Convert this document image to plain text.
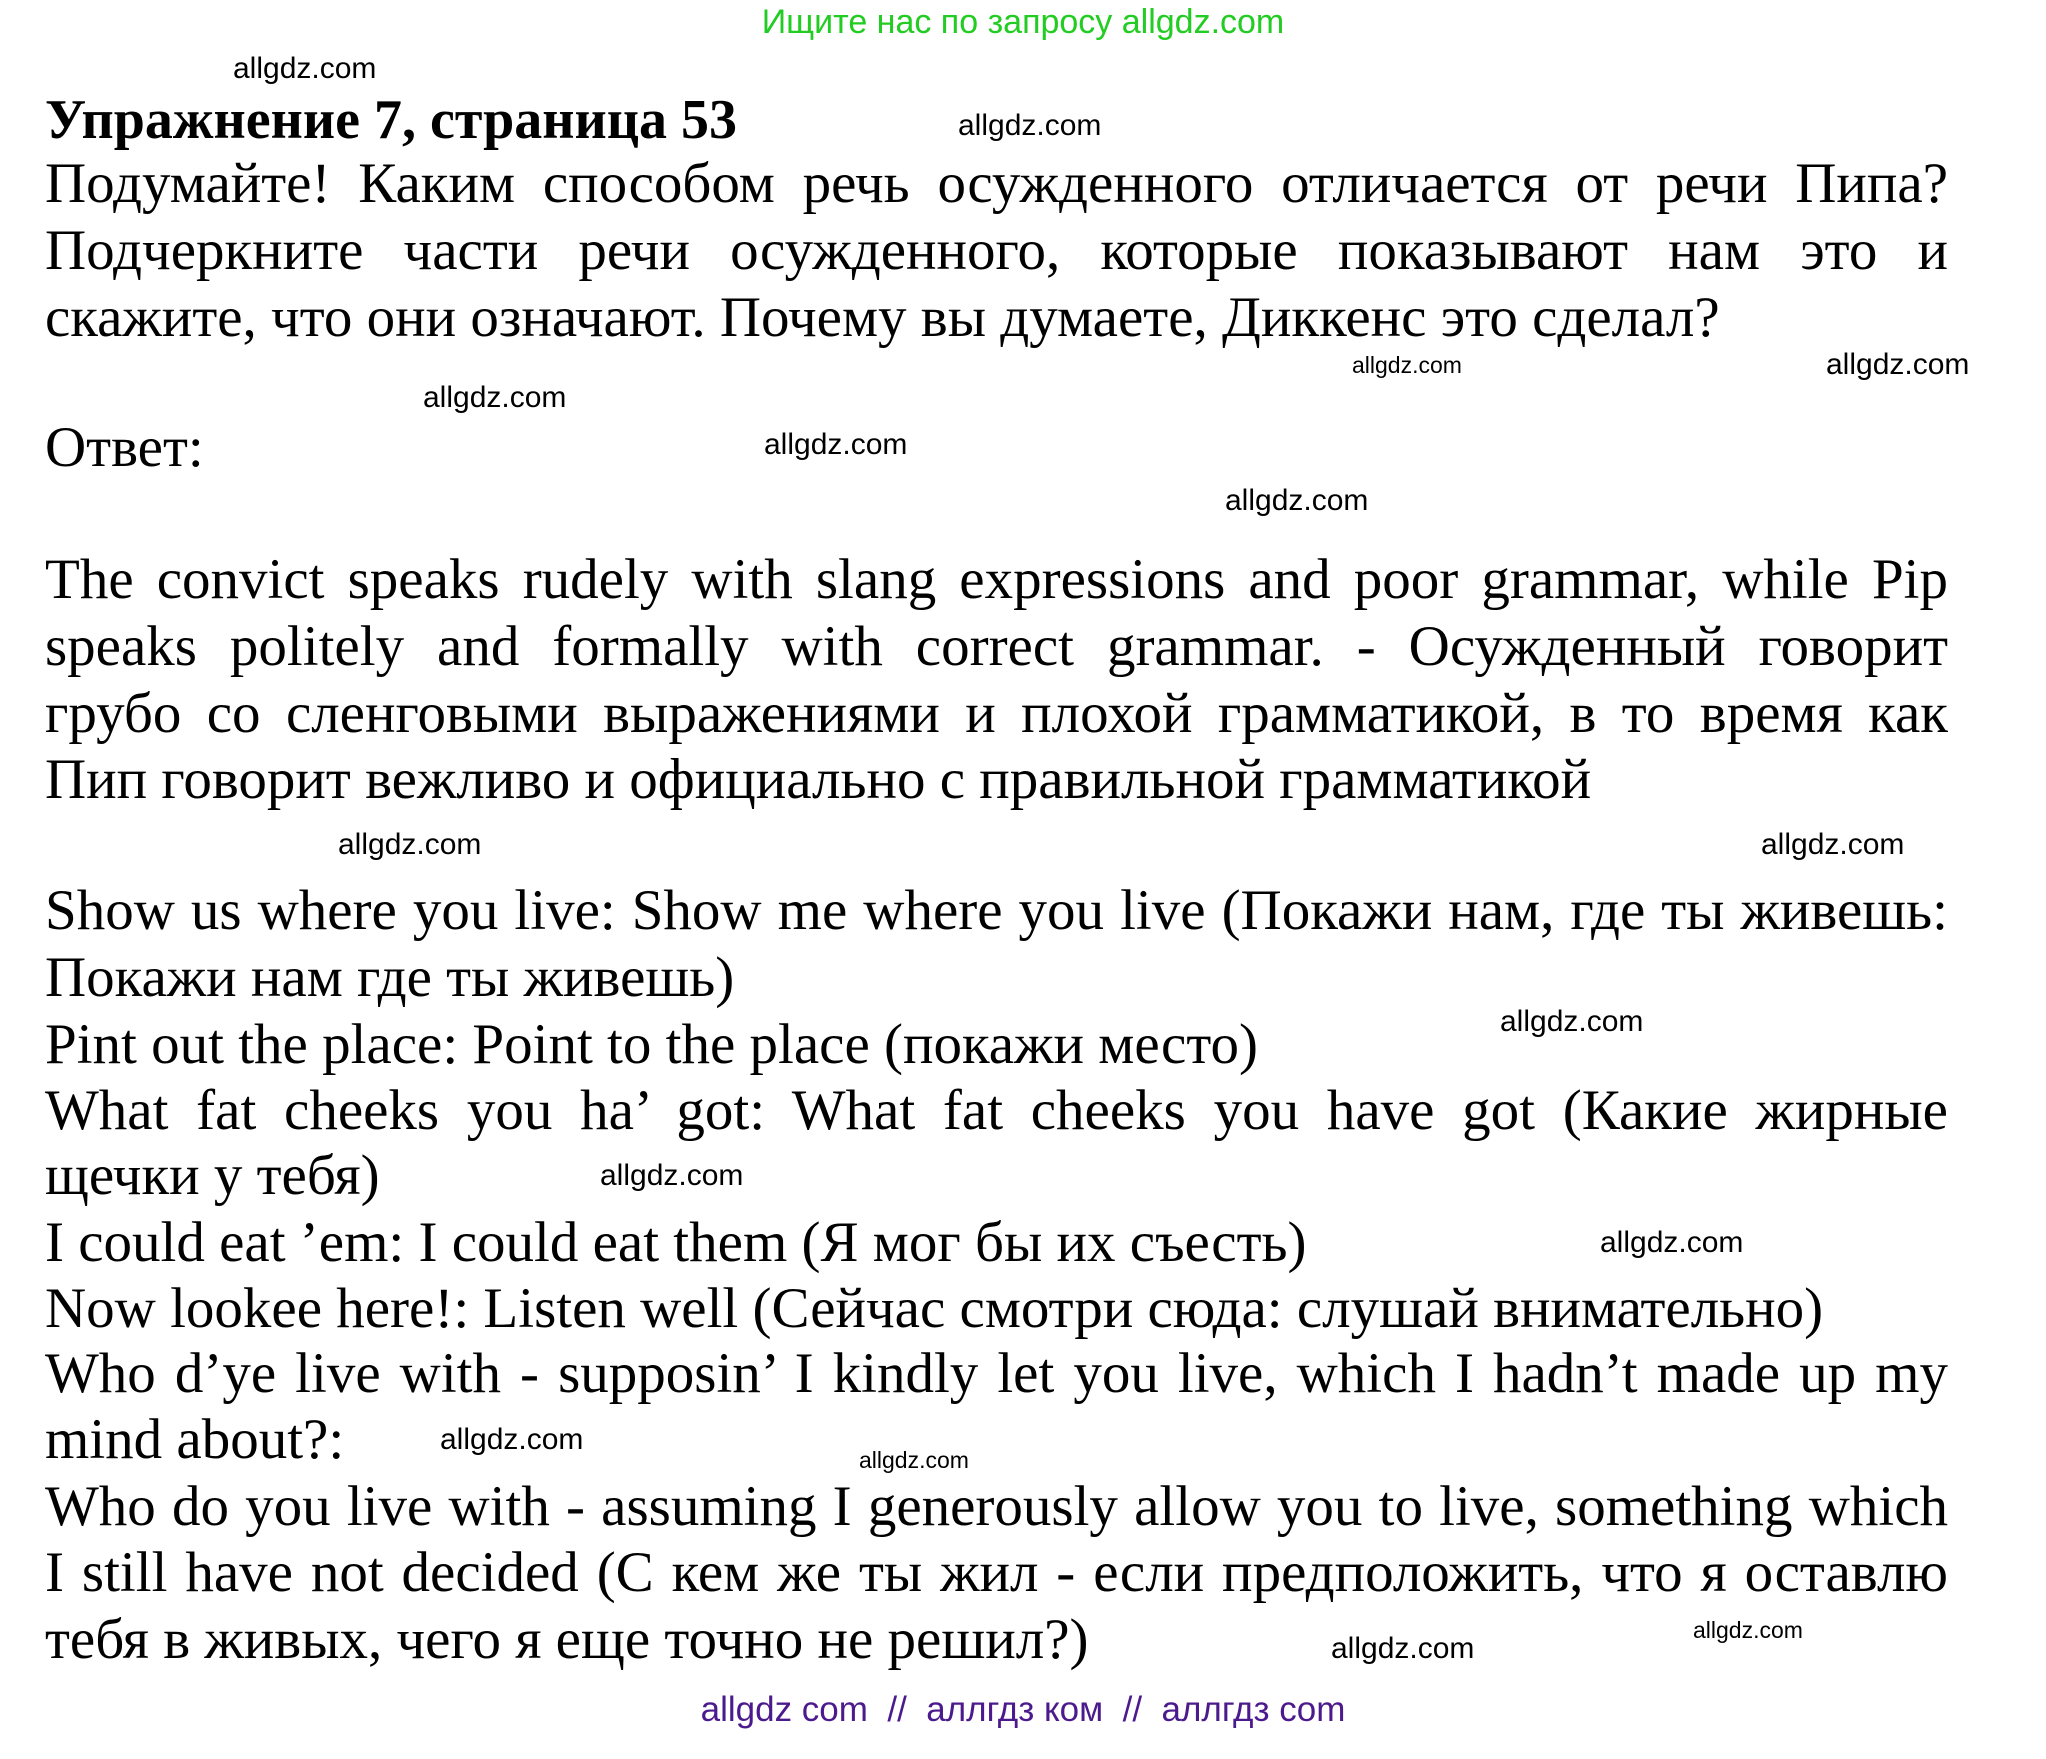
Ищите нас по запросу allgdz.com
Упражнение 7, страница 53
Подумайте! Каким способом речь осужденного отличается от речи Пипа?
Подчеркните части речи осужденного, которые показывают нам это и
скажите, что они означают. Почему вы думаете, Диккенс это сделал?
Ответ:
The convict speaks rudely with slang expressions and poor grammar, while Pip
speaks politely and formally with correct grammar. - Осужденный говорит
грубо со сленговыми выражениями и плохой грамматикой, в то время как
Пип говорит вежливо и официально с правильной грамматикой
Show us where you live: Show me where you live (Покажи нам, где ты живешь:
Покажи нам где ты живешь)
Pint out the place: Point to the place (покажи место)
What fat cheeks you ha’ got: What fat cheeks you have got (Какие жирные
щечки у тебя)
I could eat ’em: I could eat them (Я мог бы их съесть)
Now lookee here!: Listen well (Сейчас смотри сюда: слушай внимательно)
Who d’ye live with - supposin’ I kindly let you live, which I hadn’t made up my
mind about?:
Who do you live with - assuming I generously allow you to live, something which
I still have not decided (С кем же ты жил - если предположить, что я оставлю
тебя в живых, чего я еще точно не решил?)
allgdz.com
allgdz.com
allgdz.com	allgdz.com
allgdz.com
allgdz.com
allgdz.com
allgdz.com
allgdz.com
allgdz.com
allgdz.com
allgdz.com
allgdz.com
allgdz.com
allgdz.com
allgdz.com
allgdz com  //  аллгдз ком  //  аллгдз com
